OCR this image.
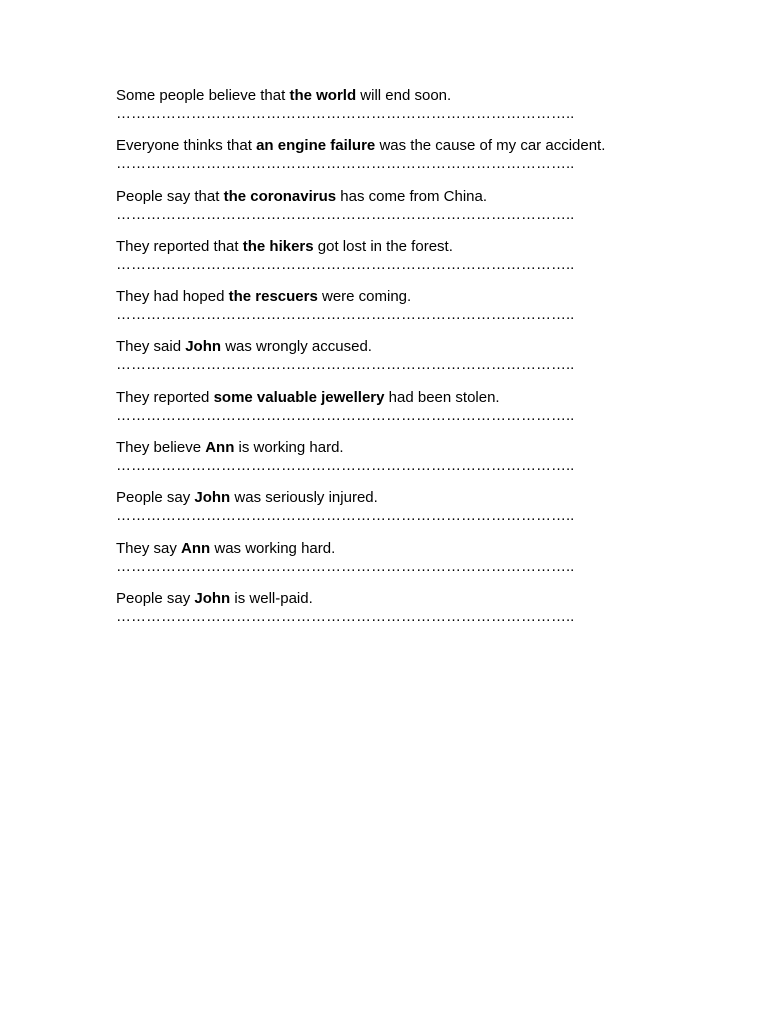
Some people believe that the world will end soon.
………………………………………………………………………………..
Everyone thinks that an engine failure was the cause of my car accident.
………………………………………………………………………………..
People say that the coronavirus has come from China.
………………………………………………………………………………..
They reported that the hikers got lost in the forest.
………………………………………………………………………………..
They had hoped the rescuers were coming.
………………………………………………………………………………..
They said John was wrongly accused.
………………………………………………………………………………..
They reported some valuable jewellery had been stolen.
………………………………………………………………………………..
They believe Ann is working hard.
………………………………………………………………………………..
People say John was seriously injured.
………………………………………………………………………………..
They say Ann was working hard.
………………………………………………………………………………..
People say John is well-paid.
………………………………………………………………………………..
